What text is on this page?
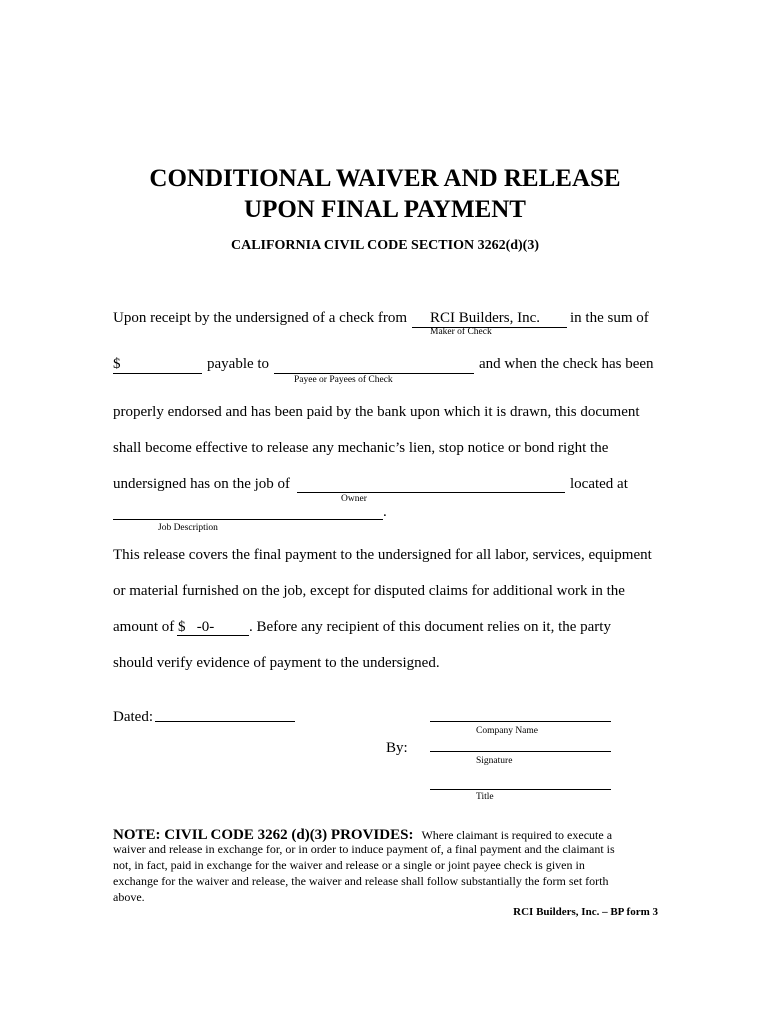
CONDITIONAL WAIVER AND RELEASE
UPON FINAL PAYMENT
CALIFORNIA CIVIL CODE SECTION 3262(d)(3)
Upon receipt by the undersigned of a check from RCI Builders, Inc. in the sum of
Maker of Check
$	payable to	and when the check has been
Payee or Payees of Check
properly endorsed and has been paid by the bank upon which it is drawn, this document
shall become effective to release any mechanic’s lien, stop notice or bond right the
undersigned has on the job of	located at
Owner
.
Job Description
This release covers the final payment to the undersigned for all labor, services, equipment
or material furnished on the job, except for disputed claims for additional work in the
amount of $   -0- . Before any recipient of this document relies on it, the party
should verify evidence of payment to the undersigned.
Dated:
Company Name
By:
Signature
Title
NOTE: CIVIL CODE 3262 (d)(3) PROVIDES: Where claimant is required to execute a
waiver and release in exchange for, or in order to induce payment of, a final payment and the claimant is
not, in fact, paid in exchange for the waiver and release or a single or joint payee check is given in
exchange for the waiver and release, the waiver and release shall follow substantially the form set forth
above.
RCI Builders, Inc. – BP form 3
